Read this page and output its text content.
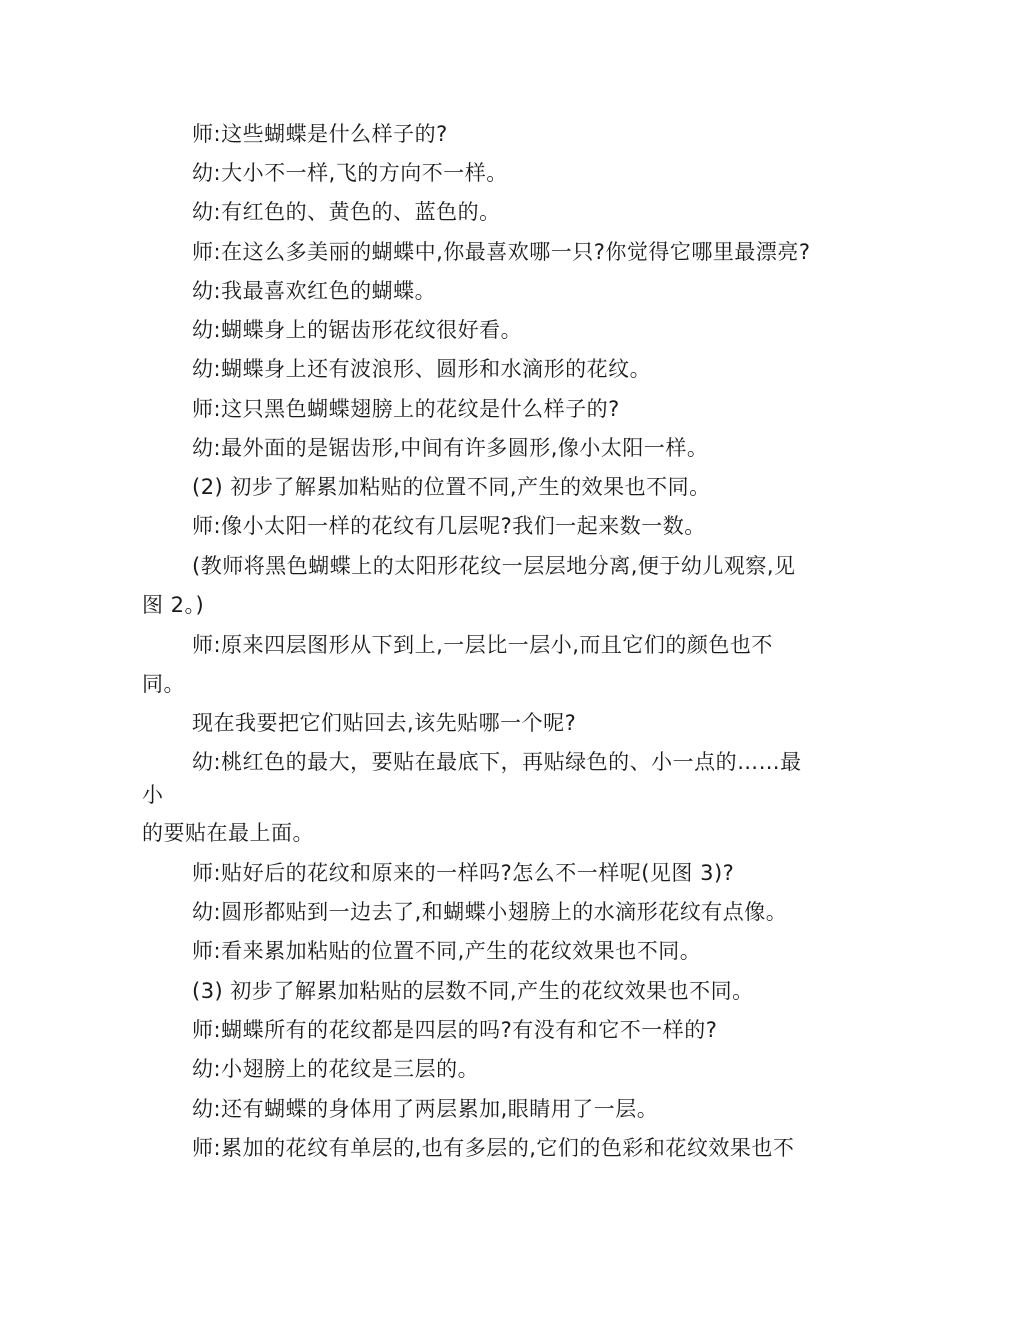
师:这些蝴蝶是什么样子的?
幼:大小不一样,飞的方向不一样。
幼:有红色的、黄色的、蓝色的。
师:在这么多美丽的蝴蝶中,你最喜欢哪一只?你觉得它哪里最漂亮?
幼:我最喜欢红色的蝴蝶。
幼:蝴蝶身上的锯齿形花纹很好看。
幼:蝴蝶身上还有波浪形、圆形和水滴形的花纹。
师:这只黑色蝴蝶翅膀上的花纹是什么样子的?
幼:最外面的是锯齿形,中间有许多圆形,像小太阳一样。
(2) 初步了解累加粘贴的位置不同,产生的效果也不同。
师:像小太阳一样的花纹有几层呢?我们一起来数一数。
(教师将黑色蝴蝶上的太阳形花纹一层层地分离,便于幼儿观察,见
图 2。)
师:原来四层图形从下到上,一层比一层小,而且它们的颜色也不
同。
现在我要把它们贴回去,该先贴哪一个呢?
幼:桃红色的最大，要贴在最底下，再贴绿色的、小一点的……最
小
的要贴在最上面。
师:贴好后的花纹和原来的一样吗?怎么不一样呢(见图 3)?
幼:圆形都贴到一边去了,和蝴蝶小翅膀上的水滴形花纹有点像。
师:看来累加粘贴的位置不同,产生的花纹效果也不同。
(3) 初步了解累加粘贴的层数不同,产生的花纹效果也不同。
师:蝴蝶所有的花纹都是四层的吗?有没有和它不一样的?
幼:小翅膀上的花纹是三层的。
幼:还有蝴蝶的身体用了两层累加,眼睛用了一层。
师:累加的花纹有单层的,也有多层的,它们的色彩和花纹效果也不
